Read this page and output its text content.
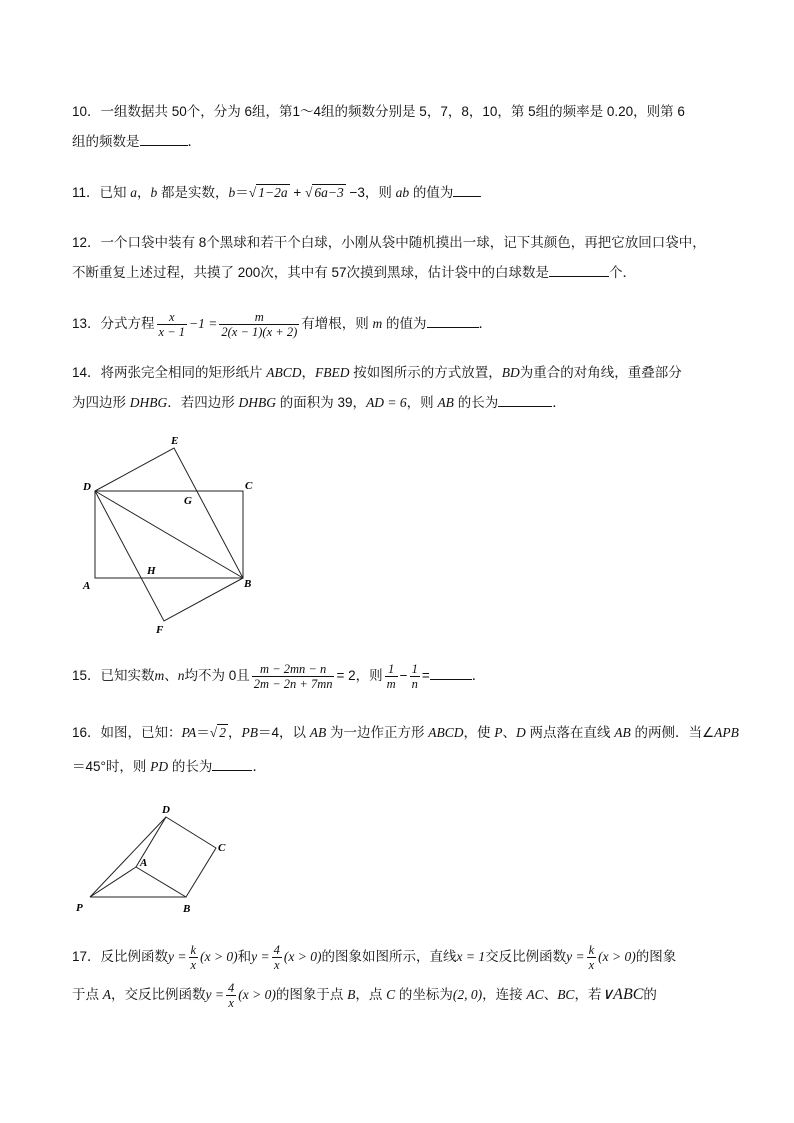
10．一组数据共 50个，分为 6组，第1～4组的频数分别是 5，7，8，10，第 5组的频率是 0.20，则第 6
组的频数是	．
11．已知 a，b 都是实数，b＝√ 1−2a + √ 6a−3 −3，则 ab 的值为
12．一个口袋中装有 8个黑球和若干个白球，小刚从袋中随机摸出一球，记下其颜色，再把它放回口袋中，
不断重复上述过程，共摸了 200次，其中有 57次摸到黑球，估计袋中的白球数是	个．
13．分式方程 $\frac{x}{x - 1} -1 = \frac{m}{2(x - 1)(x + 2)}$ 有增根，则 m 的值为	．
14．将两张完全相同的矩形纸片 ABCD，FBED 按如图所示的方式放置，BD为重合的对角线，重叠部分
为四边形 DHBG．若四边形 DHBG 的面积为 39，AD = 6，则 AB 的长为	．
E
D	C
G
H
A	B
F
15．已知实数m、n均不为 0且 $\frac{m - 2mn - n}{2m - 2n + 7mn} = 2$，则 $\frac{1}{m} - \frac{1}{n}$ =	．
16．如图，已知：PA＝√ 2 ，PB＝4，以 AB 为一边作正方形 ABCD，使 P、D 两点落在直线 AB 的两侧．当∠APB
＝45°时，则 PD 的长为	．
D
A
C
P	B
17．反比例函数$y = \frac{k}{x} (x > 0)$和$y = \frac{4}{x} (x > 0)$的图象如图所示，直线x = 1交反比例函数$y = \frac{k}{x} (x > 0)$的图象
于点 A，交反比例函数$y = \frac{4}{x} (x > 0)$的图象于点 B，点 C 的坐标为(2, 0)，连接 AC、BC，若∨ABC的
